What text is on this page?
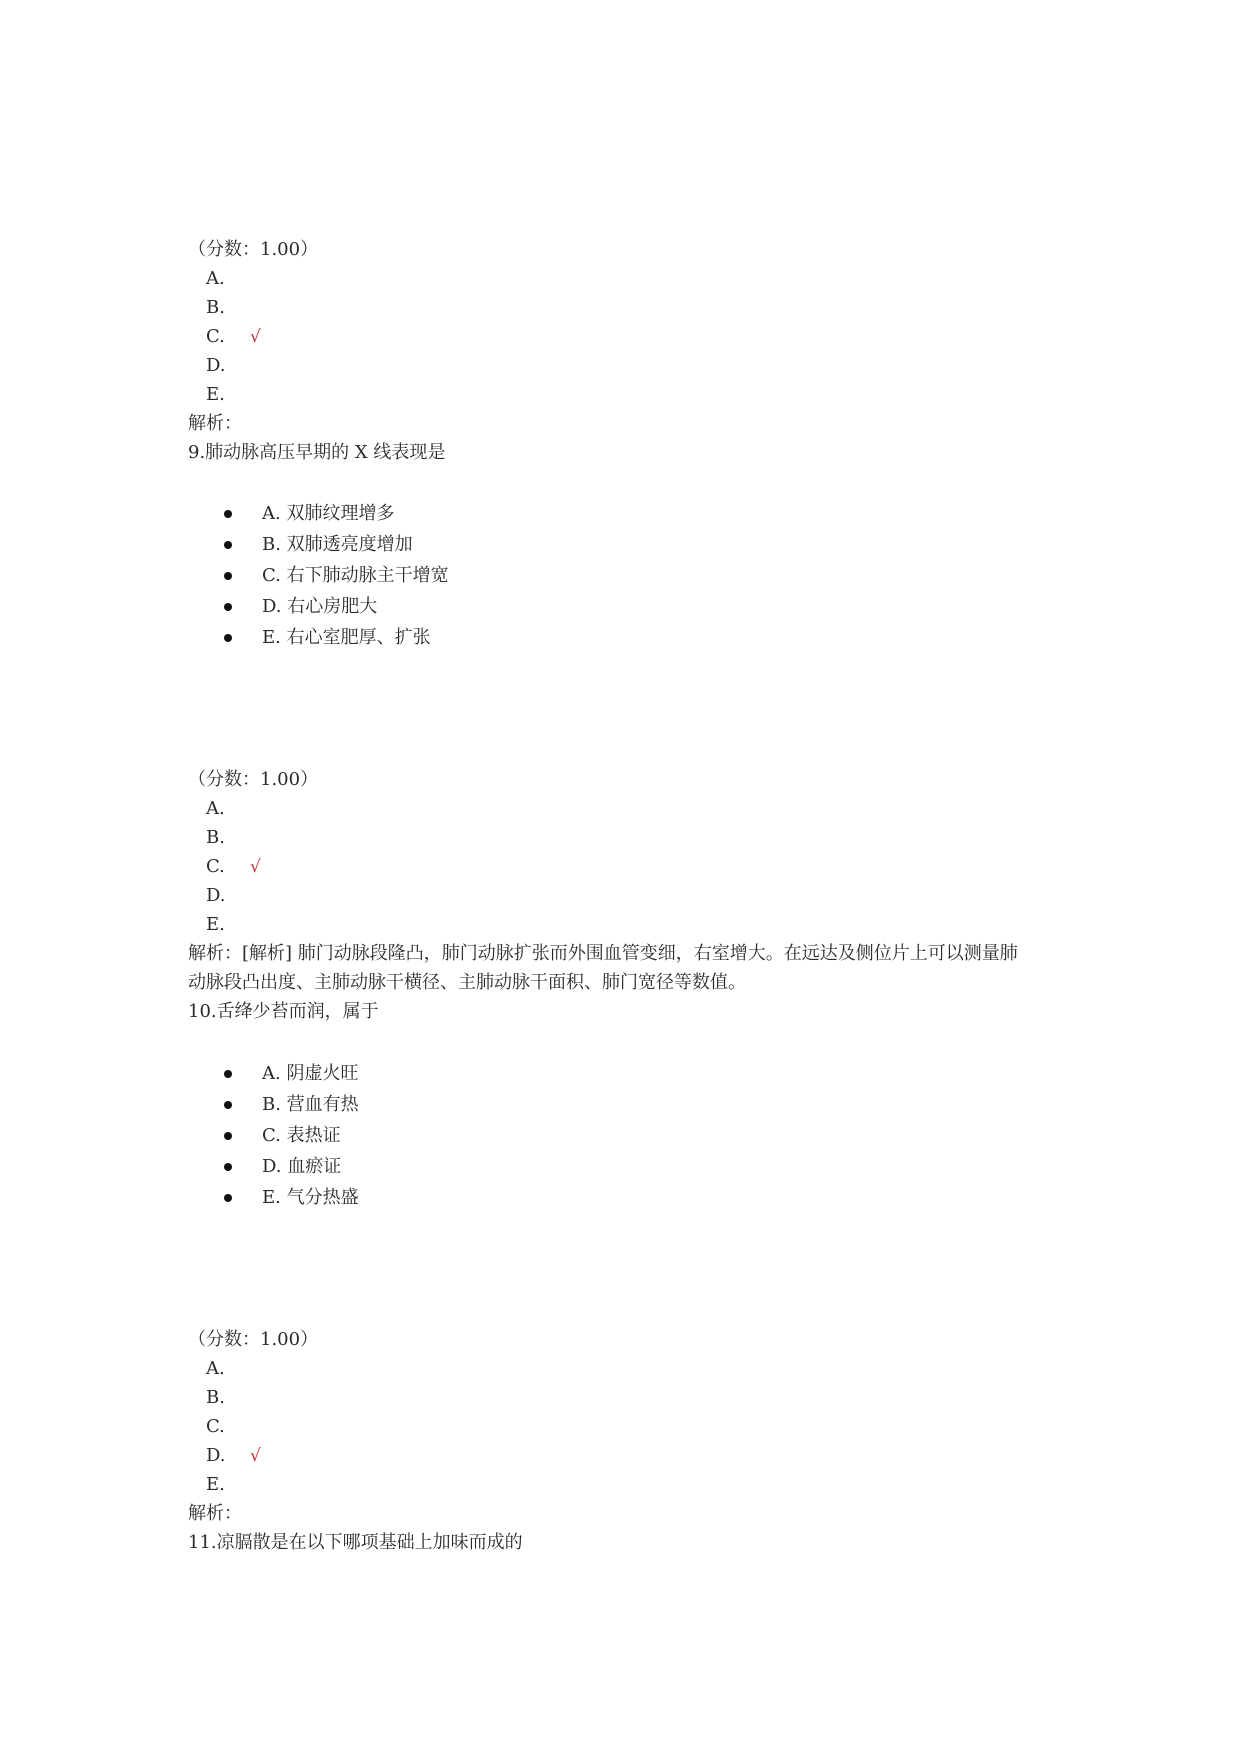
（分数：1.00）
A.
B.
C. √
D.
E.
解析：
9.肺动脉高压早期的 X 线表现是
A. 双肺纹理增多
B. 双肺透亮度增加
C. 右下肺动脉主干增宽
D. 右心房肥大
E. 右心室肥厚、扩张
（分数：1.00）
A.
B.
C. √
D.
E.
解析：[解析] 肺门动脉段隆凸，肺门动脉扩张而外围血管变细，右室增大。在远达及侧位片上可以测量肺
动脉段凸出度、主肺动脉干横径、主肺动脉干面积、肺门宽径等数值。
10.舌绛少苔而润，属于
A. 阴虚火旺
B. 营血有热
C. 表热证
D. 血瘀证
E. 气分热盛
（分数：1.00）
A.
B.
C.
D. √
E.
解析：
11.凉膈散是在以下哪项基础上加味而成的
